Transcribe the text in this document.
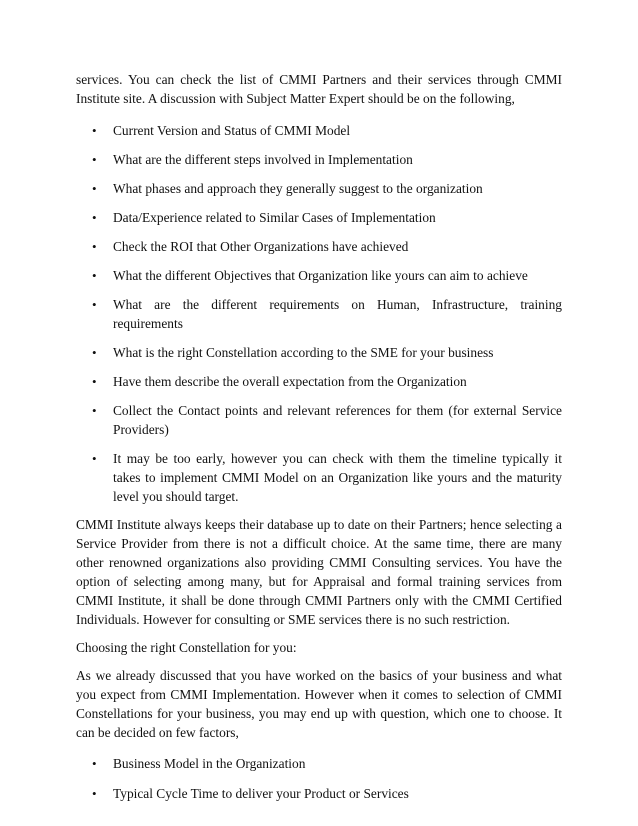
services. You can check the list of CMMI Partners and their services through CMMI Institute site. A discussion with Subject Matter Expert should be on the following,

• Current Version and Status of CMMI Model
• What are the different steps involved in Implementation
• What phases and approach they generally suggest to the organization
• Data/Experience related to Similar Cases of Implementation
• Check the ROI that Other Organizations have achieved
• What the different Objectives that Organization like yours can aim to achieve
• What are the different requirements on Human, Infrastructure, training requirements
• What is the right Constellation according to the SME for your business
• Have them describe the overall expectation from the Organization
• Collect the Contact points and relevant references for them (for external Service Providers)
• It may be too early, however you can check with them the timeline typically it takes to implement CMMI Model on an Organization like yours and the maturity level you should target.

CMMI Institute always keeps their database up to date on their Partners; hence selecting a Service Provider from there is not a difficult choice. At the same time, there are many other renowned organizations also providing CMMI Consulting services. You have the option of selecting among many, but for Appraisal and formal training services from CMMI Institute, it shall be done through CMMI Partners only with the CMMI Certified Individuals. However for consulting or SME services there is no such restriction.

Choosing the right Constellation for you:

As we already discussed that you have worked on the basics of your business and what you expect from CMMI Implementation. However when it comes to selection of CMMI Constellations for your business, you may end up with question, which one to choose. It can be decided on few factors,

• Business Model in the Organization
• Typical Cycle Time to deliver your Product or Services
